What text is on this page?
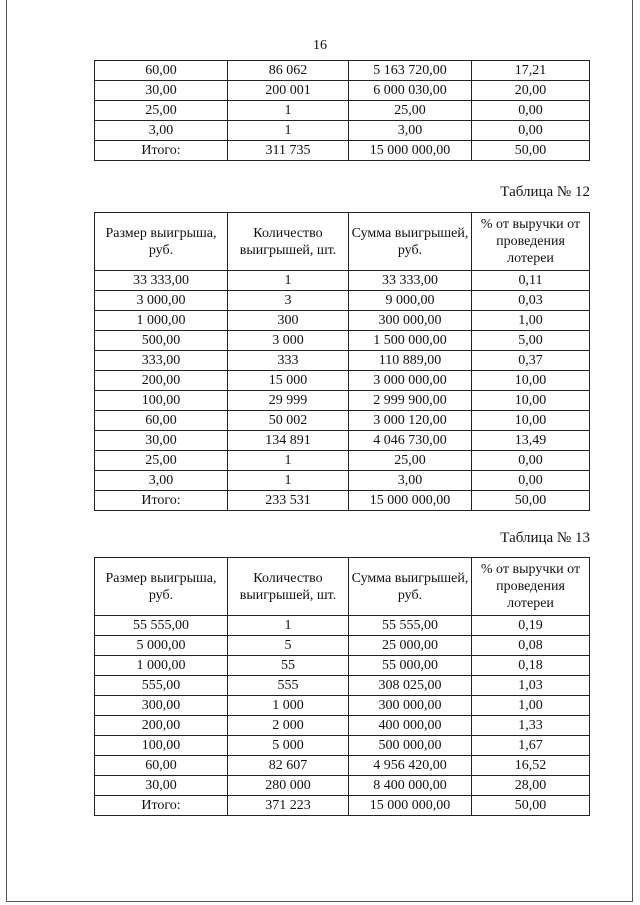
16
60,00	86 062	5 163 720,00	17,21
30,00	200 001	6 000 030,00	20,00
25,00	1	25,00	0,00
3,00	1	3,00	0,00
Итого:	311 735	15 000 000,00	50,00
Таблица № 12
Размер выигрыша, руб.	Количество выигрышей, шт.	Сумма выигрышей, руб.	% от выручки от проведения лотереи
33 333,00	1	33 333,00	0,11
3 000,00	3	9 000,00	0,03
1 000,00	300	300 000,00	1,00
500,00	3 000	1 500 000,00	5,00
333,00	333	110 889,00	0,37
200,00	15 000	3 000 000,00	10,00
100,00	29 999	2 999 900,00	10,00
60,00	50 002	3 000 120,00	10,00
30,00	134 891	4 046 730,00	13,49
25,00	1	25,00	0,00
3,00	1	3,00	0,00
Итого:	233 531	15 000 000,00	50,00
Таблица № 13
Размер выигрыша, руб.	Количество выигрышей, шт.	Сумма выигрышей, руб.	% от выручки от проведения лотереи
55 555,00	1	55 555,00	0,19
5 000,00	5	25 000,00	0,08
1 000,00	55	55 000,00	0,18
555,00	555	308 025,00	1,03
300,00	1 000	300 000,00	1,00
200,00	2 000	400 000,00	1,33
100,00	5 000	500 000,00	1,67
60,00	82 607	4 956 420,00	16,52
30,00	280 000	8 400 000,00	28,00
Итого:	371 223	15 000 000,00	50,00
